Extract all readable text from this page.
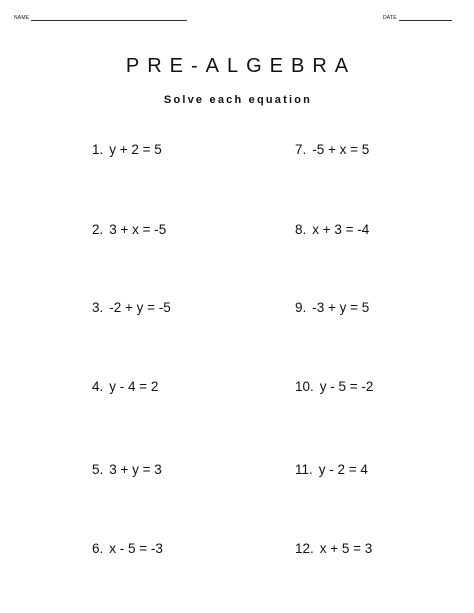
NAME	DATE
PRE-ALGEBRA
Solve each equation
1. y + 2 = 5
2. 3 + x = -5
3. -2 + y = -5
4. y - 4 = 2
5. 3 + y = 3
6. x - 5 = -3
7. -5 + x = 5
8. x + 3 = -4
9. -3 + y = 5
10. y - 5 = -2
11. y - 2 = 4
12. x + 5 = 3
